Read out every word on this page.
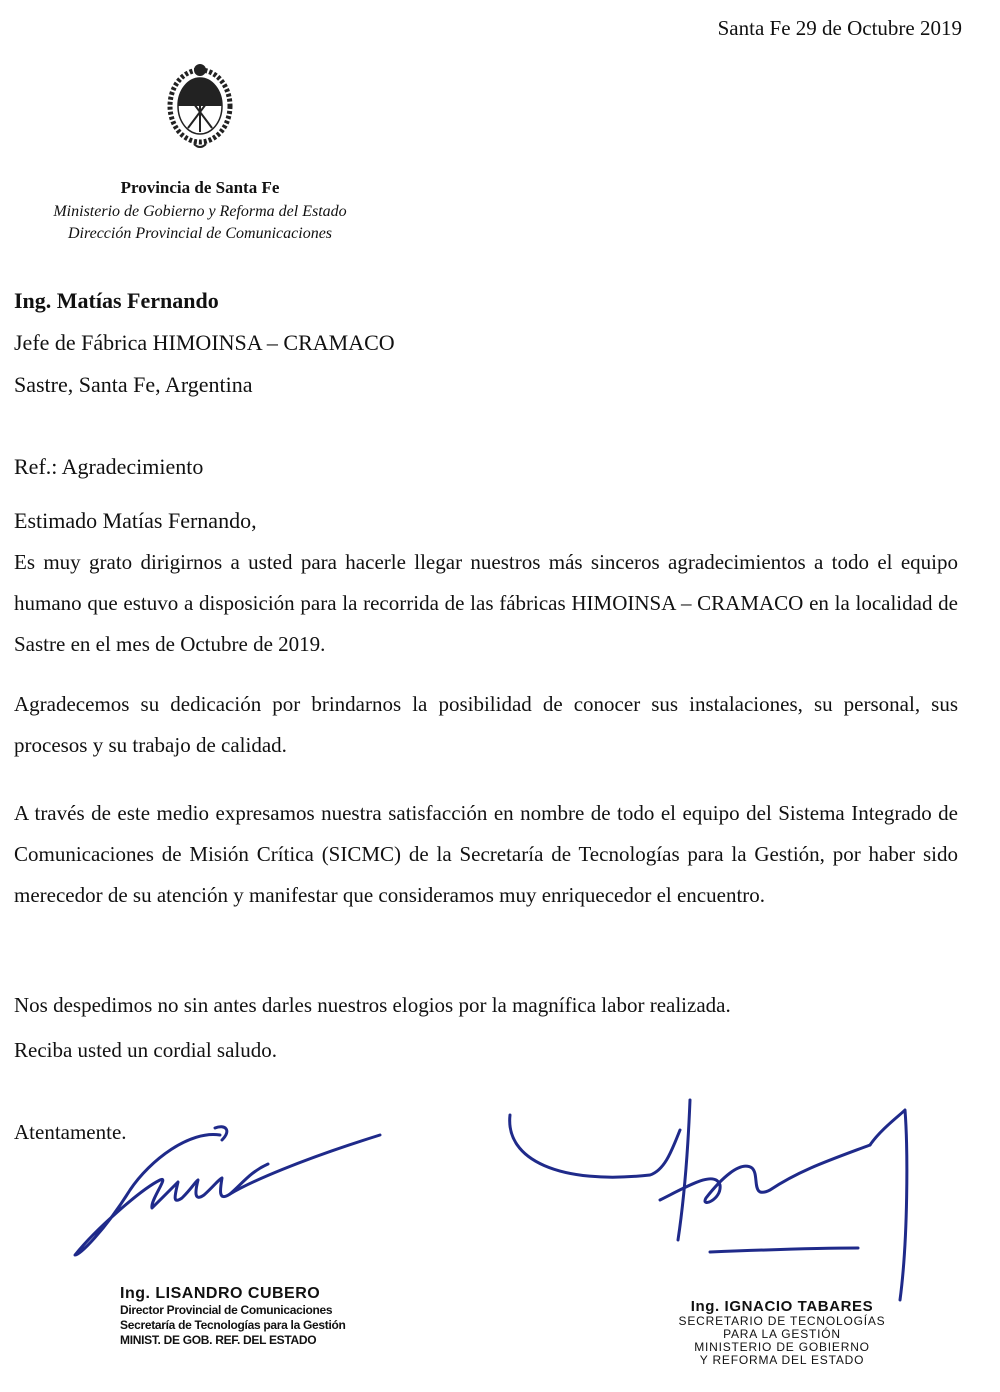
Santa Fe 29 de Octubre 2019
Provincia de Santa Fe
Ministerio de Gobierno y Reforma del Estado
Dirección Provincial de Comunicaciones
Ing. Matías Fernando
Jefe de Fábrica HIMOINSA – CRAMACO
Sastre, Santa Fe, Argentina
Ref.: Agradecimiento
Estimado Matías Fernando,

Es muy grato dirigirnos a usted para hacerle llegar nuestros más sinceros agradecimientos a todo el equipo humano que estuvo a disposición para la recorrida de las fábricas HIMOINSA – CRAMACO en la localidad de Sastre en el mes de Octubre de 2019.

Agradecemos su dedicación por brindarnos la posibilidad de conocer sus instalaciones, su personal, sus procesos y su trabajo de calidad.

A través de este medio expresamos nuestra satisfacción en nombre de todo el equipo del Sistema Integrado de Comunicaciones de Misión Crítica (SICMC) de la Secretaría de Tecnologías para la Gestión, por haber sido merecedor de su atención y manifestar que consideramos muy enriquecedor el encuentro.

Nos despedimos no sin antes darles nuestros elogios por la magnífica labor realizada.

Reciba usted un cordial saludo.

Atentamente.
Ing. LISANDRO CUBERO
Director Provincial de Comunicaciones
Secretaría de Tecnologías para la Gestión
MINIST. DE GOB. REF. DEL ESTADO
Ing. IGNACIO TABARES
SECRETARIO DE TECNOLOGÍAS
PARA LA GESTIÓN
MINISTERIO DE GOBIERNO
Y REFORMA DEL ESTADO
